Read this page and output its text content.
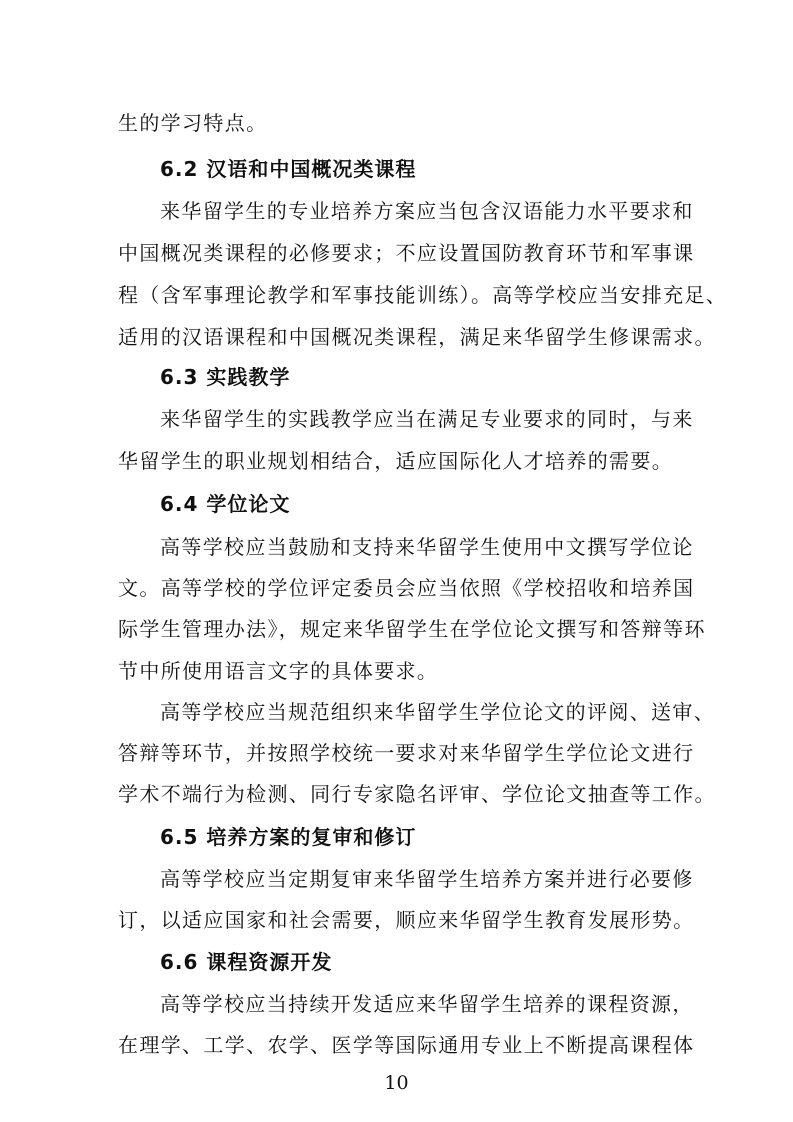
生的学习特点。
6.2 汉语和中国概况类课程
来华留学生的专业培养方案应当包含汉语能力水平要求和
中国概况类课程的必修要求；不应设置国防教育环节和军事课
程（含军事理论教学和军事技能训练）。高等学校应当安排充足、
适用的汉语课程和中国概况类课程，满足来华留学生修课需求。
6.3 实践教学
来华留学生的实践教学应当在满足专业要求的同时，与来
华留学生的职业规划相结合，适应国际化人才培养的需要。
6.4 学位论文
高等学校应当鼓励和支持来华留学生使用中文撰写学位论
文。高等学校的学位评定委员会应当依照《学校招收和培养国
际学生管理办法》，规定来华留学生在学位论文撰写和答辩等环
节中所使用语言文字的具体要求。
高等学校应当规范组织来华留学生学位论文的评阅、送审、
答辩等环节，并按照学校统一要求对来华留学生学位论文进行
学术不端行为检测、同行专家隐名评审、学位论文抽查等工作。
6.5 培养方案的复审和修订
高等学校应当定期复审来华留学生培养方案并进行必要修
订，以适应国家和社会需要，顺应来华留学生教育发展形势。
6.6 课程资源开发
高等学校应当持续开发适应来华留学生培养的课程资源，
在理学、工学、农学、医学等国际通用专业上不断提高课程体
10
